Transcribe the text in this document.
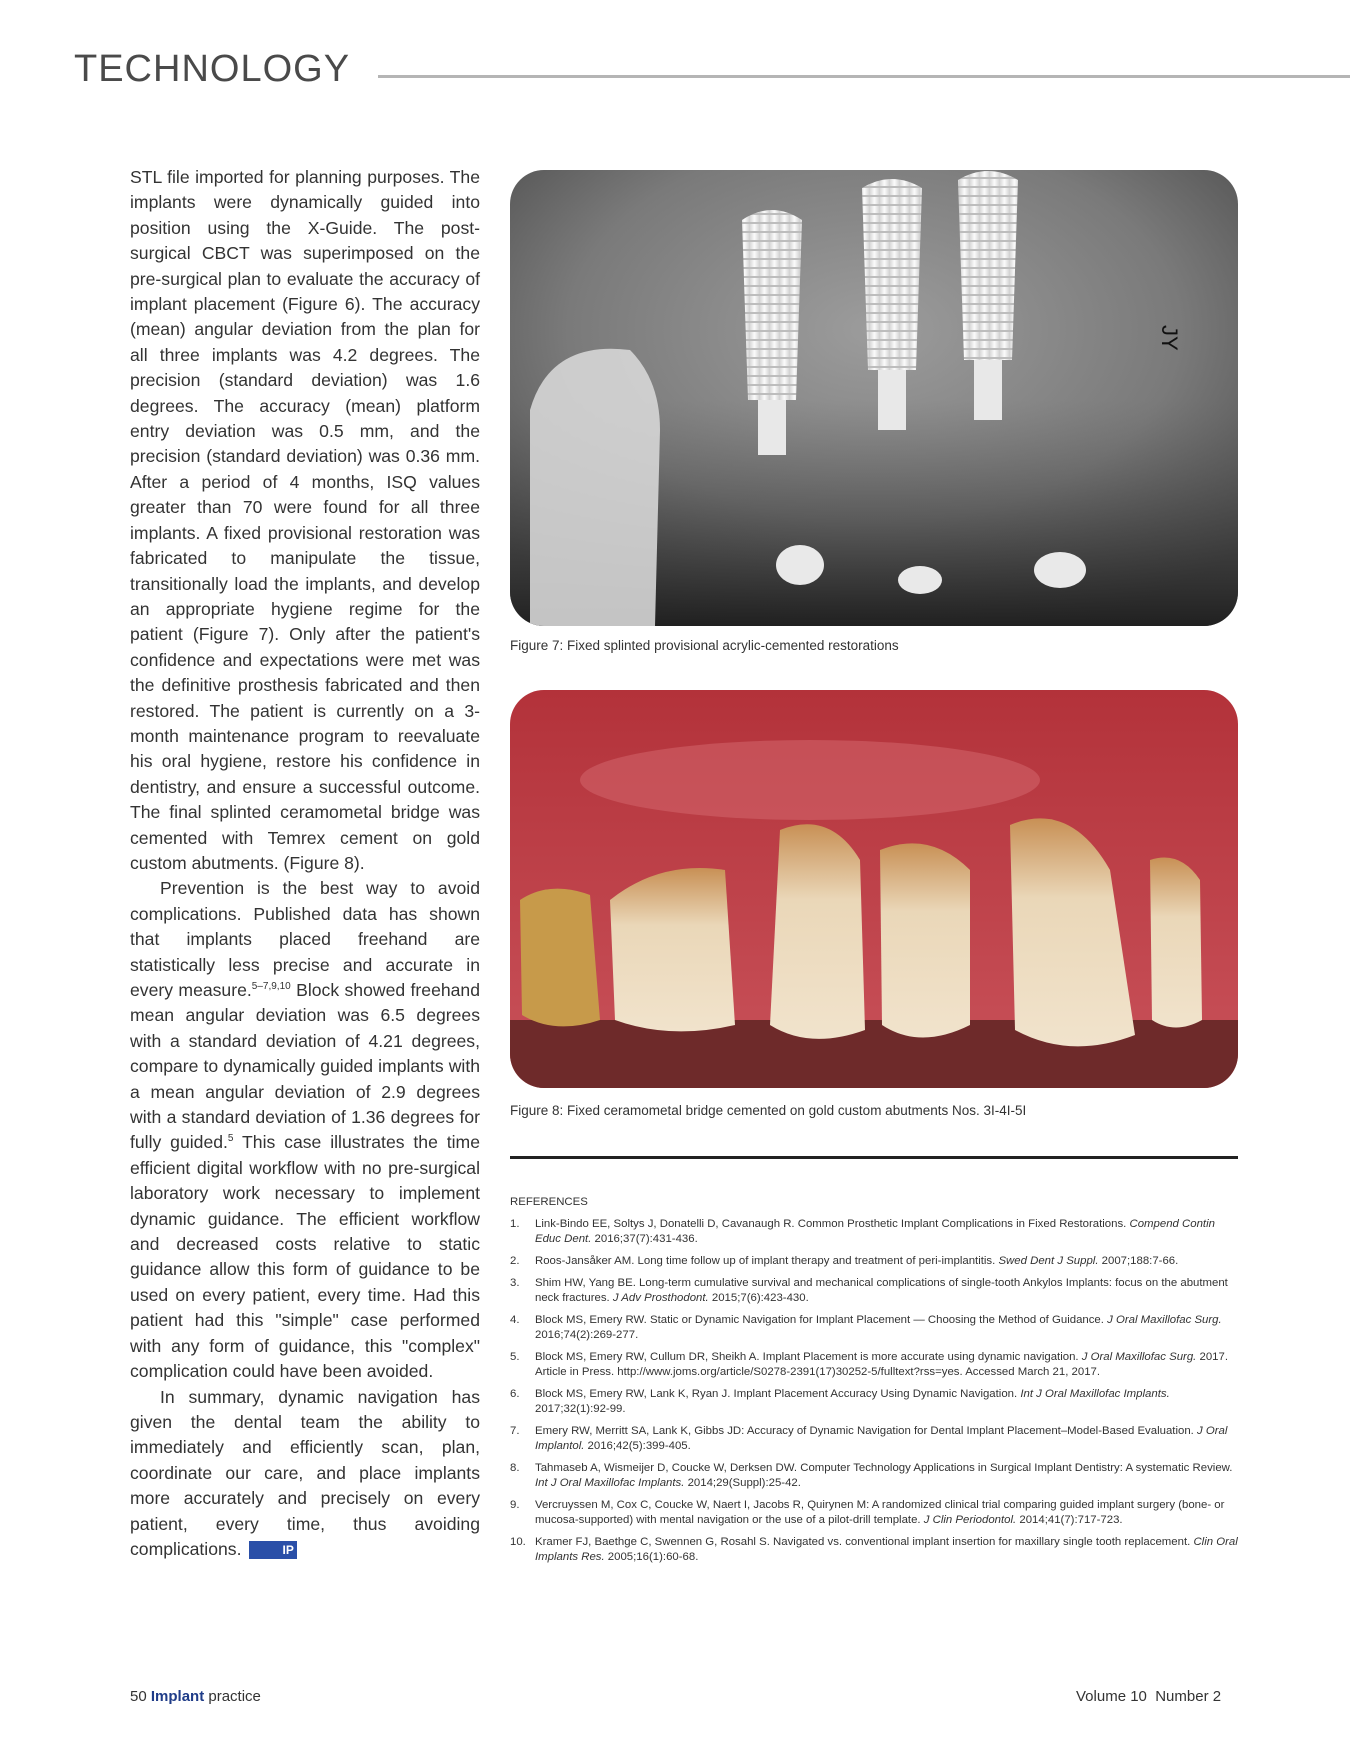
TECHNOLOGY

STL file imported for planning purposes. The implants were dynamically guided into position using the X-Guide. The post-surgical CBCT was superimposed on the pre-surgical plan to evaluate the accuracy of implant placement (Figure 6). The accuracy (mean) angular deviation from the plan for all three implants was 4.2 degrees. The precision (standard deviation) was 1.6 degrees. The accuracy (mean) platform entry deviation was 0.5 mm, and the precision (standard deviation) was 0.36 mm. After a period of 4 months, ISQ values greater than 70 were found for all three implants. A fixed provisional restoration was fabricated to manipulate the tissue, transitionally load the implants, and develop an appropriate hygiene regime for the patient (Figure 7). Only after the patient's confidence and expectations were met was the definitive prosthesis fabricated and then restored. The patient is currently on a 3-month maintenance program to reevaluate his oral hygiene, restore his confidence in dentistry, and ensure a successful outcome. The final splinted ceramometal bridge was cemented with Temrex cement on gold custom abutments. (Figure 8).

Prevention is the best way to avoid complications. Published data has shown that implants placed freehand are statistically less precise and accurate in every measure.$^{5-7,9,10}$ Block showed freehand mean angular deviation was 6.5 degrees with a standard deviation of 4.21 degrees, compare to dynamically guided implants with a mean angular deviation of 2.9 degrees with a standard deviation of 1.36 degrees for fully guided.$^5$ This case illustrates the time efficient digital workflow with no pre-surgical laboratory work necessary to implement dynamic guidance. The efficient workflow and decreased costs relative to static guidance allow this form of guidance to be used on every patient, every time. Had this patient had this "simple" case performed with any form of guidance, this "complex" complication could have been avoided.

In summary, dynamic navigation has given the dental team the ability to immediately and efficiently scan, plan, coordinate our care, and place implants more accurately and precisely on every patient, every time, thus avoiding complications.	IP

JY
Figure 7: Fixed splinted provisional acrylic-cemented restorations
Figure 8: Fixed ceramometal bridge cemented on gold custom abutments Nos. 3I-4I-5I
REFERENCES
1. Link-Bindo EE, Soltys J, Donatelli D, Cavanaugh R. Common Prosthetic Implant Complications in Fixed Restorations. Compend Contin Educ Dent. 2016;37(7):431-436.
2. Roos-Jansåker AM. Long time follow up of implant therapy and treatment of peri-implantitis. Swed Dent J Suppl. 2007;188:7-66.
3. Shim HW, Yang BE. Long-term cumulative survival and mechanical complications of single-tooth Ankylos Implants: focus on the abutment neck fractures. J Adv Prosthodont. 2015;7(6):423-430.
4. Block MS, Emery RW. Static or Dynamic Navigation for Implant Placement — Choosing the Method of Guidance. J Oral Maxillofac Surg. 2016;74(2):269-277.
5. Block MS, Emery RW, Cullum DR, Sheikh A. Implant Placement is more accurate using dynamic navigation. J Oral Maxillofac Surg. 2017. Article in Press. http://www.joms.org/article/S0278-2391(17)30252-5/fulltext?rss=yes. Accessed March 21, 2017.
6. Block MS, Emery RW, Lank K, Ryan J. Implant Placement Accuracy Using Dynamic Navigation. Int J Oral Maxillofac Implants. 2017;32(1):92-99.
7. Emery RW, Merritt SA, Lank K, Gibbs JD: Accuracy of Dynamic Navigation for Dental Implant Placement–Model-Based Evaluation. J Oral Implantol. 2016;42(5):399-405.
8. Tahmaseb A, Wismeijer D, Coucke W, Derksen DW. Computer Technology Applications in Surgical Implant Dentistry: A systematic Review. Int J Oral Maxillofac Implants. 2014;29(Suppl):25-42.
9. Vercruyssen M, Cox C, Coucke W, Naert I, Jacobs R, Quirynen M: A randomized clinical trial comparing guided implant surgery (bone- or mucosa-supported) with mental navigation or the use of a pilot-drill template. J Clin Periodontol. 2014;41(7):717-723.
10. Kramer FJ, Baethge C, Swennen G, Rosahl S. Navigated vs. conventional implant insertion for maxillary single tooth replacement. Clin Oral Implants Res. 2005;16(1):60-68.
50 Implant practice	Volume 10  Number 2
